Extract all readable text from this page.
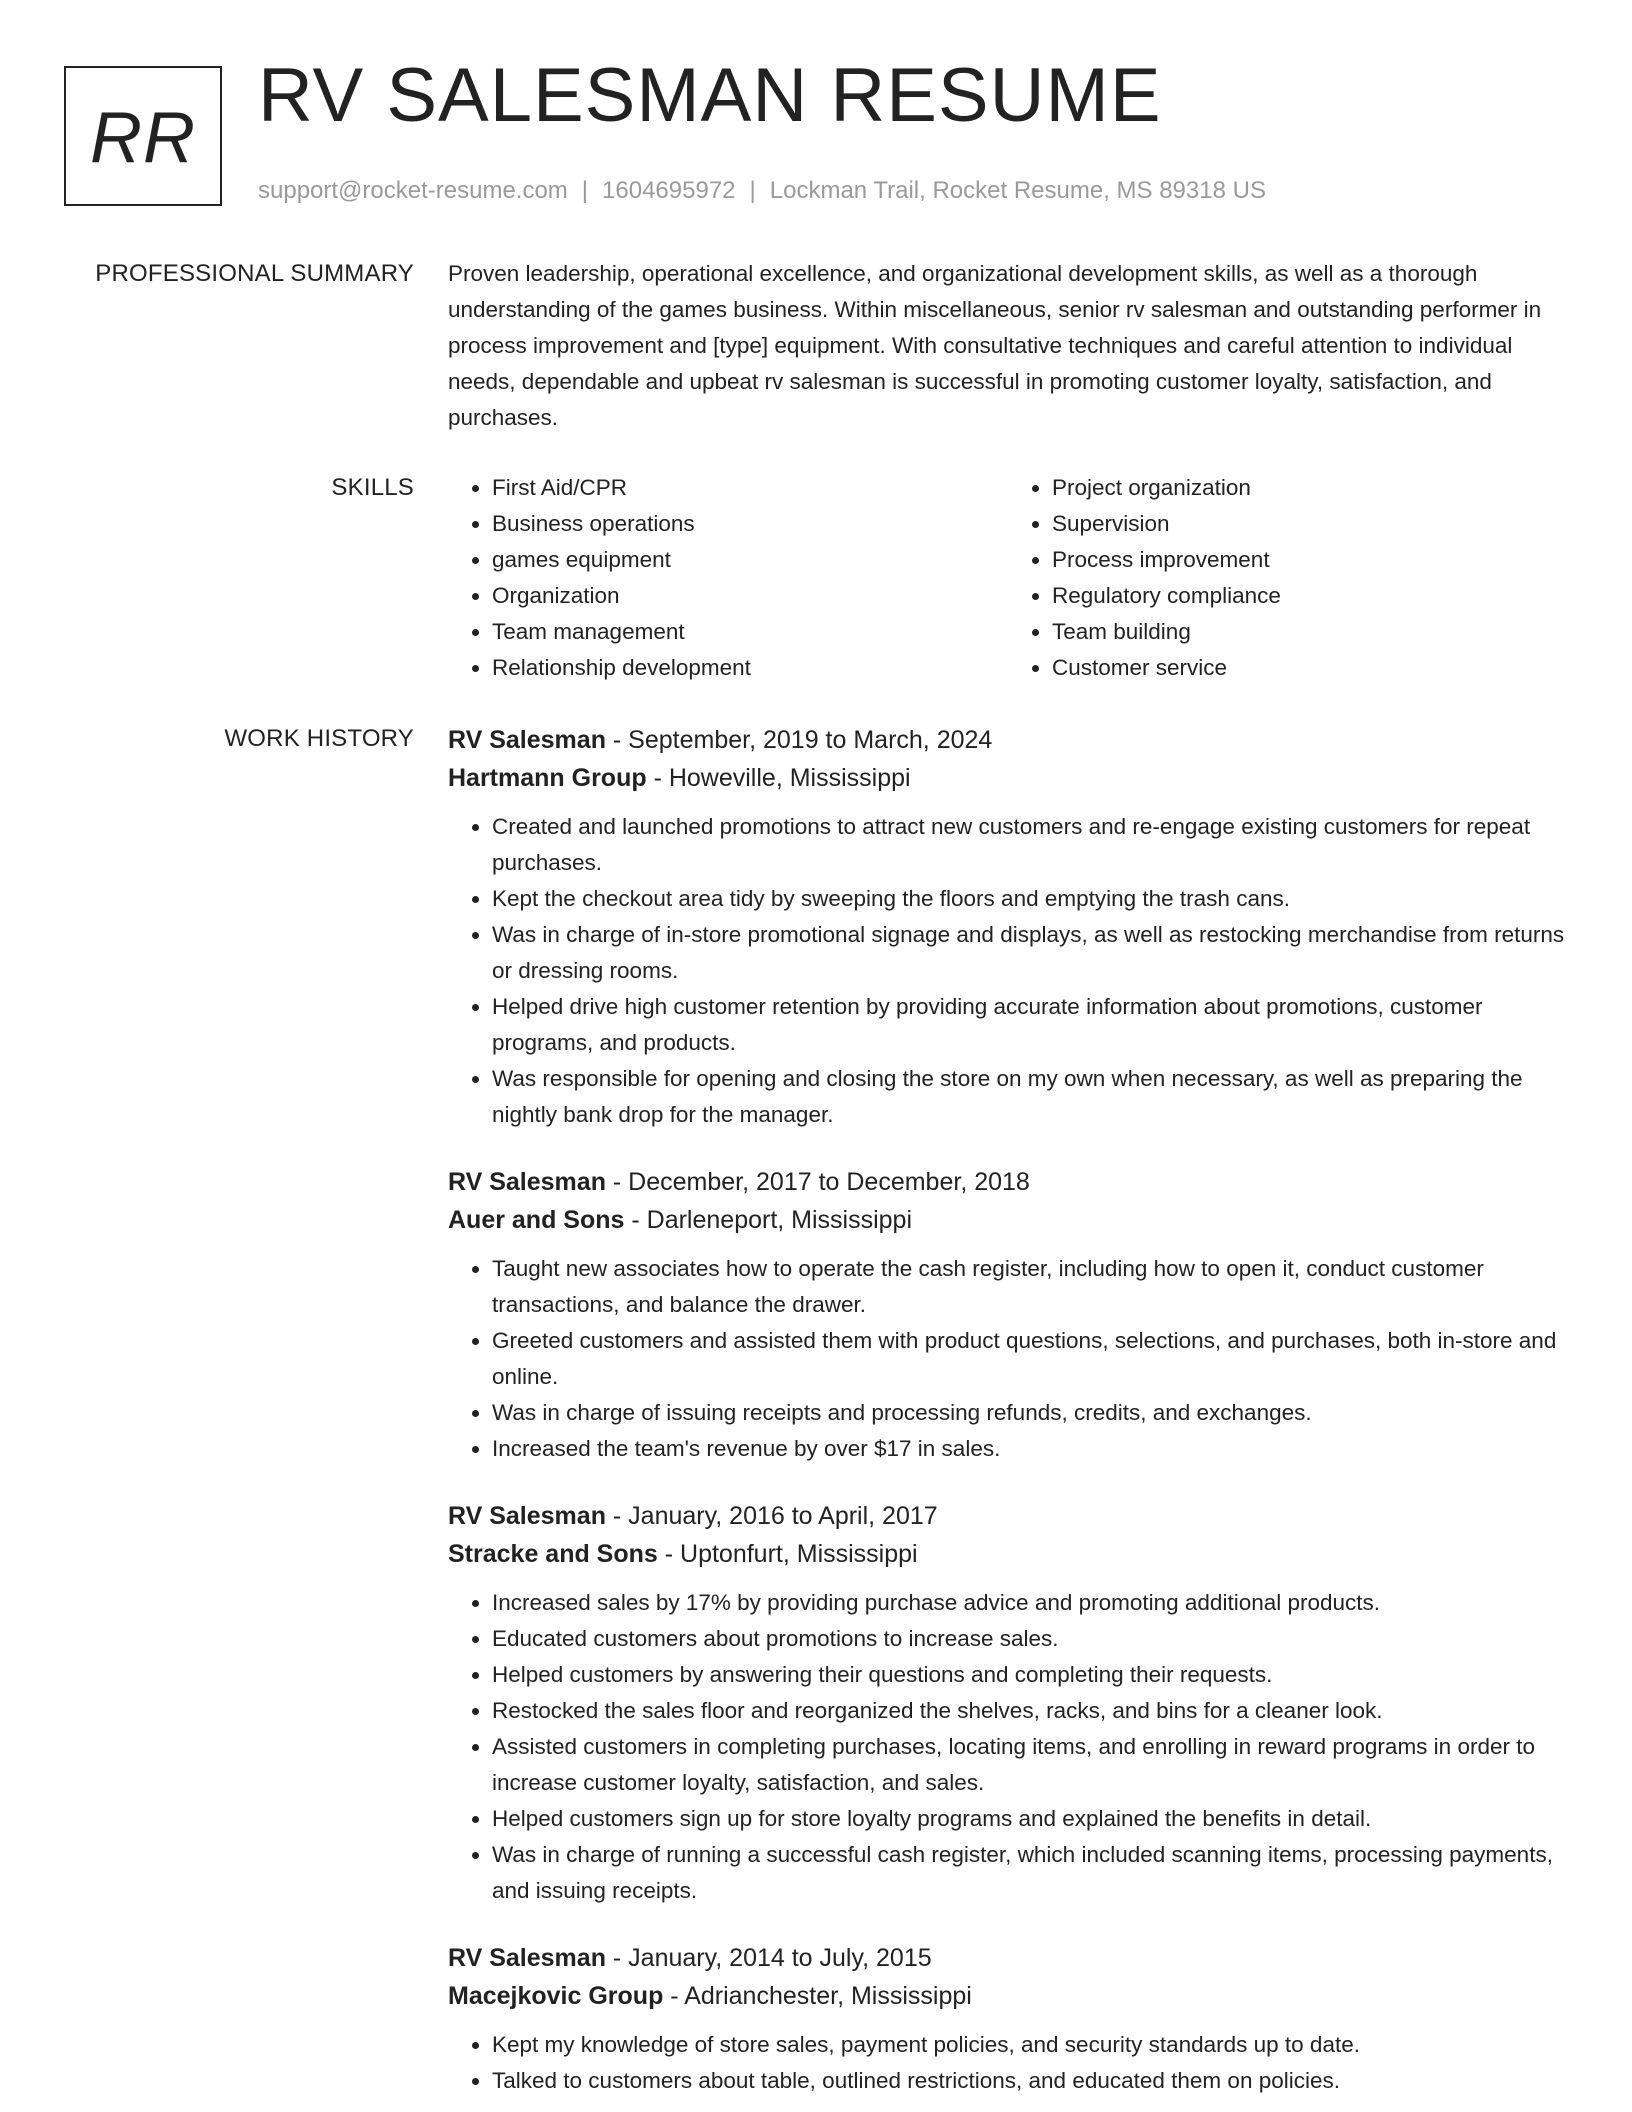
RR RV SALESMAN RESUME
support@rocket-resume.com | 1604695972 | Lockman Trail, Rocket Resume, MS 89318 US
PROFESSIONAL SUMMARY Proven leadership, operational excellence, and organizational development skills, as well as a thorough understanding of the games business. Within miscellaneous, senior rv salesman and outstanding performer in process improvement and [type] equipment. With consultative techniques and careful attention to individual needs, dependable and upbeat rv salesman is successful in promoting customer loyalty, satisfaction, and purchases.

SKILLS
•	First Aid/CPR
• Business operations
• games equipment
• Organization
• Team management
• Relationship development
• Project organization
• Supervision
• Process improvement
• Regulatory compliance
• Team building
• Customer service
WORK HISTORY RV Salesman - September, 2019 to March, 2024
Hartmann Group - Howeville, Mississippi
• Created and launched promotions to attract new customers and re-engage existing customers for repeat purchases.
• Kept the checkout area tidy by sweeping the floors and emptying the trash cans.
• Was in charge of in-store promotional signage and displays, as well as restocking merchandise from returns or dressing rooms.
• Helped drive high customer retention by providing accurate information about promotions, customer programs, and products.
• Was responsible for opening and closing the store on my own when necessary, as well as preparing the nightly bank drop for the manager.
RV Salesman - December, 2017 to December, 2018
Auer and Sons - Darleneport, Mississippi
• Taught new associates how to operate the cash register, including how to open it, conduct customer transactions, and balance the drawer.
• Greeted customers and assisted them with product questions, selections, and purchases, both in-store and online.
• Was in charge of issuing receipts and processing refunds, credits, and exchanges.
• Increased the team's revenue by over $17 in sales.
RV Salesman - January, 2016 to April, 2017
Stracke and Sons - Uptonfurt, Mississippi
• Increased sales by 17% by providing purchase advice and promoting additional products.
• Educated customers about promotions to increase sales.
• Helped customers by answering their questions and completing their requests.
• Restocked the sales floor and reorganized the shelves, racks, and bins for a cleaner look.
• Assisted customers in completing purchases, locating items, and enrolling in reward programs in order to increase customer loyalty, satisfaction, and sales.
• Helped customers sign up for store loyalty programs and explained the benefits in detail.
• Was in charge of running a successful cash register, which included scanning items, processing payments, and issuing receipts.
RV Salesman - January, 2014 to July, 2015
Macejkovic Group - Adrianchester, Mississippi
• Kept my knowledge of store sales, payment policies, and security standards up to date.
• Talked to customers about table, outlined restrictions, and educated them on policies.
